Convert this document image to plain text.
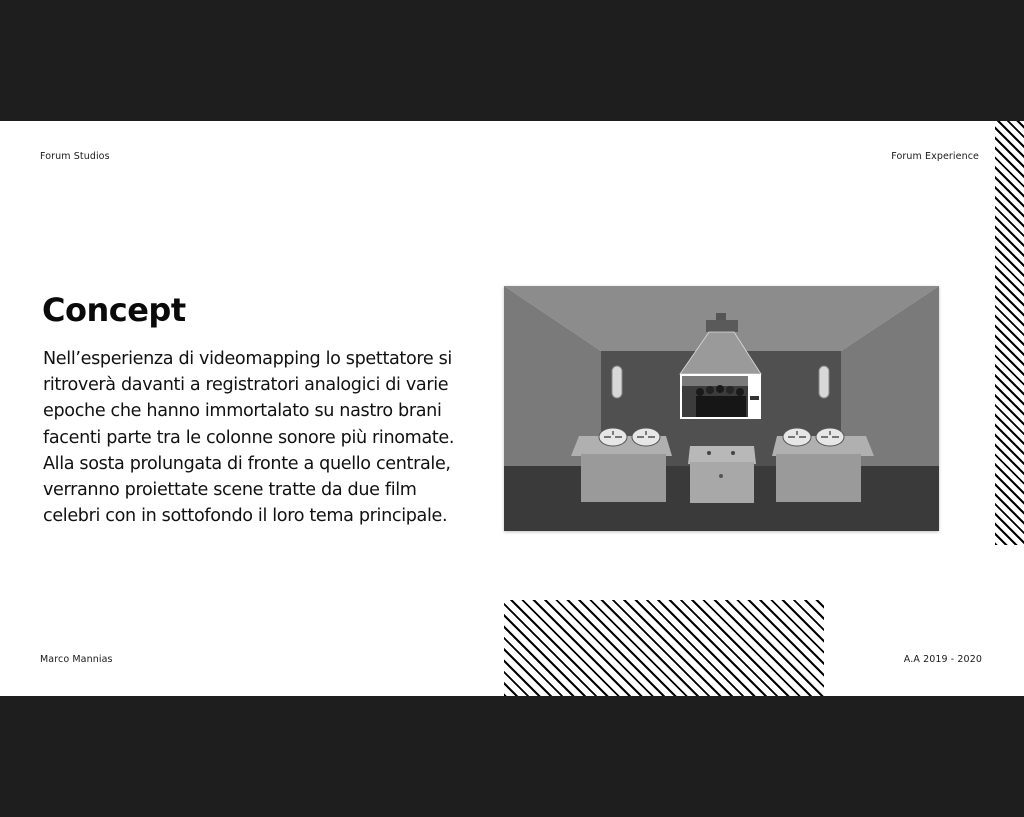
Forum Studios	Forum Experience
Concept
Nell’esperienza di videomapping lo spettatore si
ritroverà davanti a registratori analogici di varie
epoche che hanno immortalato su nastro brani
facenti parte tra le colonne sonore più rinomate.
Alla sosta prolungata di fronte a quello centrale,
verranno proiettate scene tratte da due film
celebri con in sottofondo il loro tema principale.
Marco Mannias	A.A 2019 - 2020
